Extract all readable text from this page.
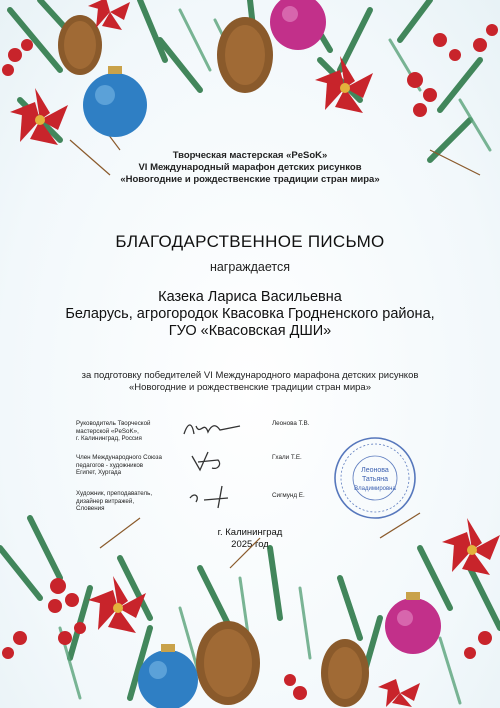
Творческая мастерская «PeSoK»
VI Международный марафон детских рисунков
«Новогодние и рождественские традиции стран мира»
БЛАГОДАРСТВЕННОЕ ПИСЬМО
награждается
Казека Лариса Васильевна
Беларусь, агрогородок Квасовка Гродненского района,
ГУО «Квасовская ДШИ»
за подготовку победителей VI Международного марафона детских рисунков
«Новогодние и рождественские традиции стран мира»
Руководитель Творческой
мастерской «PeSoK»,
г. Калининград, Россия
Леонова Т.В.
Член Международного Союза
педагогов - художников
Египет, Хургада
Гхали Т.Е.
Художник, преподаватель,
дизайнер витражей,
Словения
Сигмунд Е.
Леонова
Татьяна
Владимировна
г. Калининград
2025 год
